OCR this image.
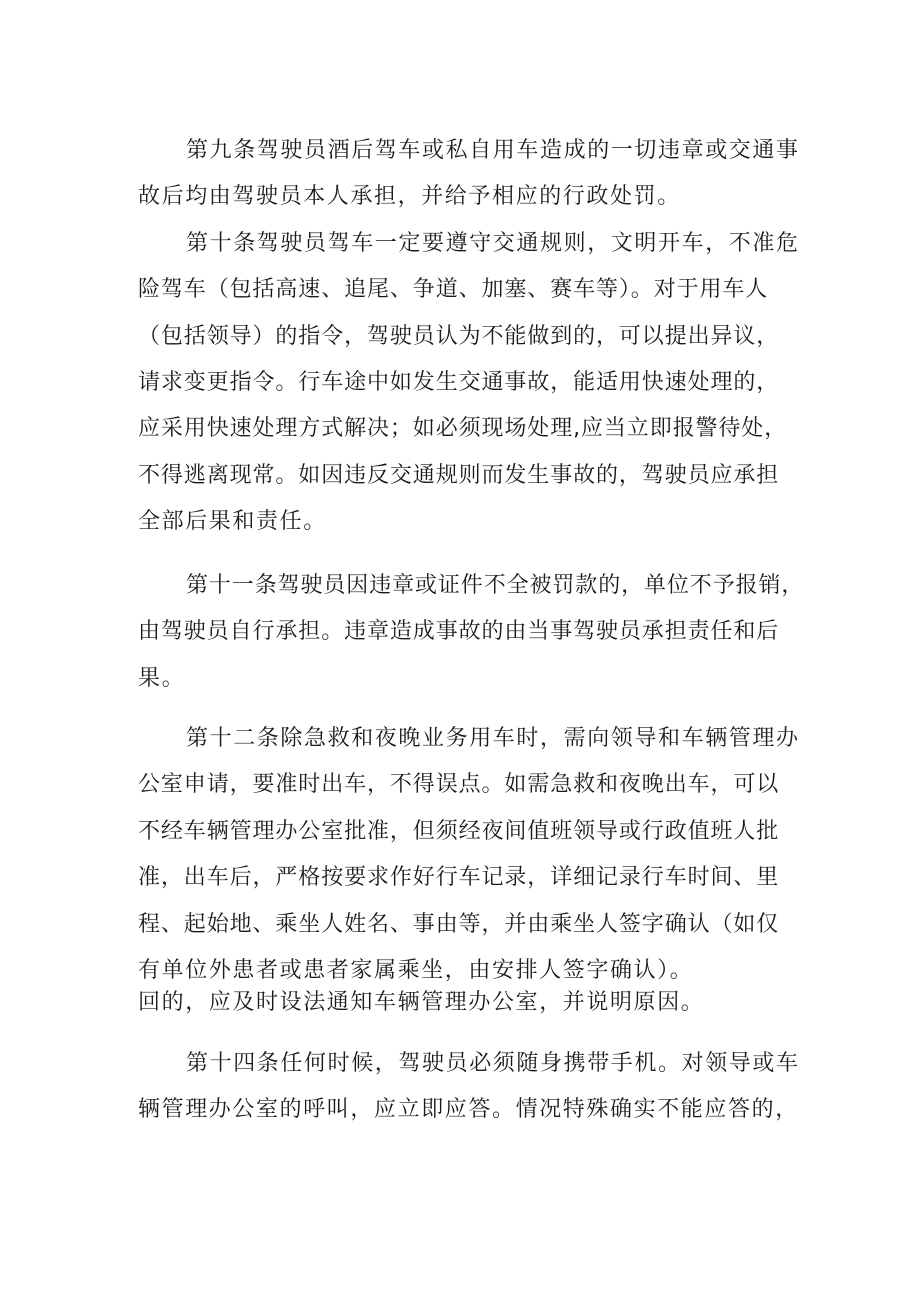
第九条驾驶员酒后驾车或私自用车造成的一切违章或交通事
故后均由驾驶员本人承担，并给予相应的行政处罚。
第十条驾驶员驾车一定要遵守交通规则，文明开车，不准危
险驾车（包括高速、追尾、争道、加塞、赛车等）。对于用车人
（包括领导）的指令，驾驶员认为不能做到的，可以提出异议，
请求变更指令。行车途中如发生交通事故，能适用快速处理的，
应采用快速处理方式解决；如必须现场处理,应当立即报警待处，
不得逃离现常。如因违反交通规则而发生事故的，驾驶员应承担
全部后果和责任。
第十一条驾驶员因违章或证件不全被罚款的，单位不予报销，
由驾驶员自行承担。违章造成事故的由当事驾驶员承担责任和后
果。
第十二条除急救和夜晚业务用车时，需向领导和车辆管理办
公室申请，要准时出车，不得误点。如需急救和夜晚出车，可以
不经车辆管理办公室批准，但须经夜间值班领导或行政值班人批
准，出车后，严格按要求作好行车记录，详细记录行车时间、里
程、起始地、乘坐人姓名、事由等，并由乘坐人签字确认（如仅
有单位外患者或患者家属乘坐，由安排人签字确认）。
回的，应及时设法通知车辆管理办公室，并说明原因。
第十四条任何时候，驾驶员必须随身携带手机。对领导或车
辆管理办公室的呼叫，应立即应答。情况特殊确实不能应答的，
